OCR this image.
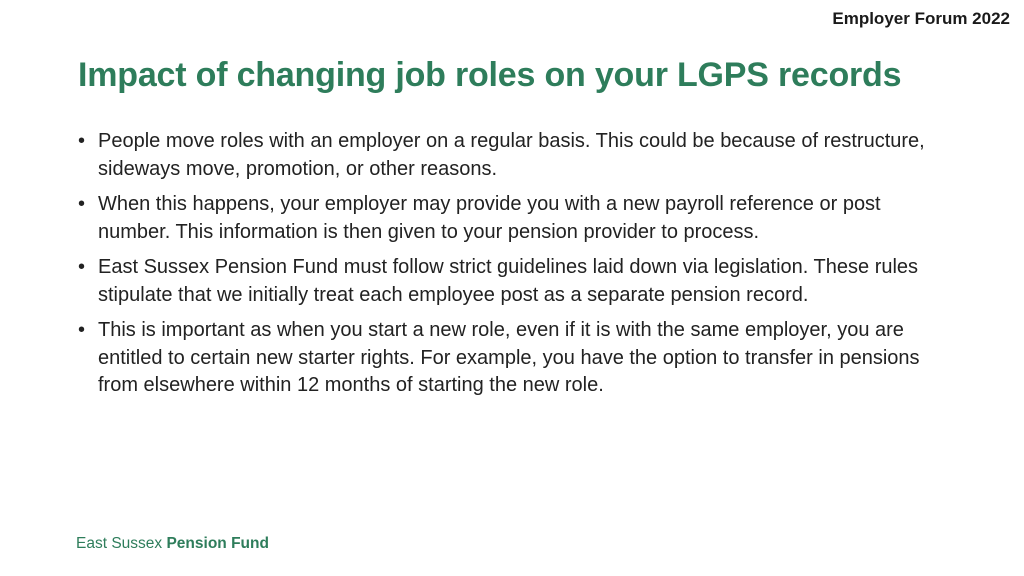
Employer Forum 2022
Impact of changing job roles on your LGPS records
• People move roles with an employer on a regular basis. This could be because of restructure, sideways move, promotion, or other reasons.
• When this happens, your employer may provide you with a new payroll reference or post number. This information is then given to your pension provider to process.
• East Sussex Pension Fund must follow strict guidelines laid down via legislation. These rules stipulate that we initially treat each employee post as a separate pension record.
• This is important as when you start a new role, even if it is with the same employer, you are entitled to certain new starter rights. For example, you have the option to transfer in pensions from elsewhere within 12 months of starting the new role.
East Sussex Pension Fund
